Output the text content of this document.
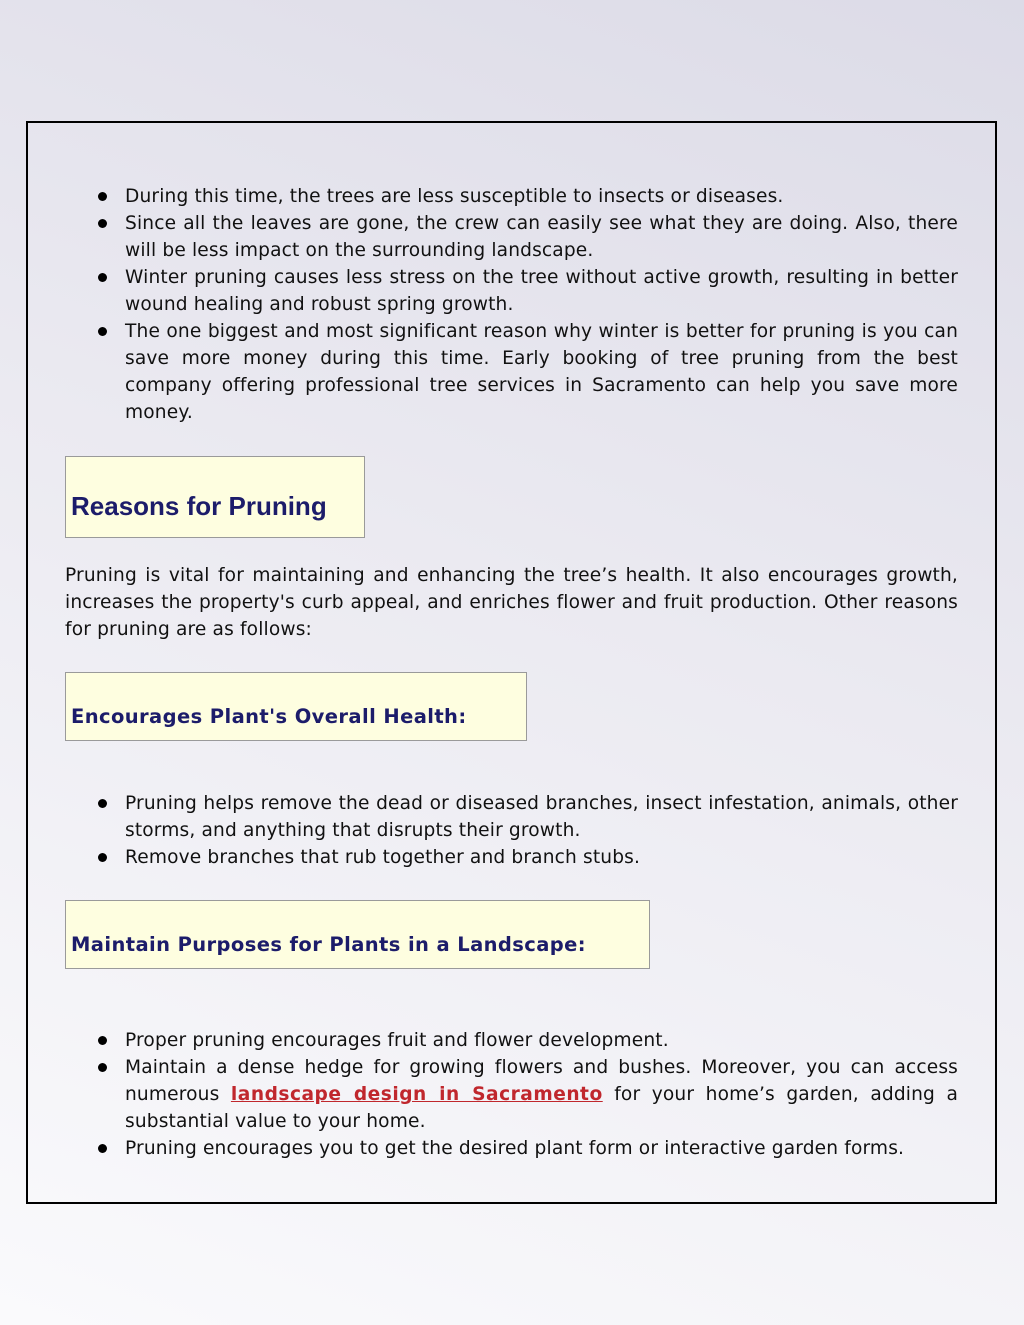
During this time, the trees are less susceptible to insects or diseases.
Since all the leaves are gone, the crew can easily see what they are doing. Also, there will be less impact on the surrounding landscape.
Winter pruning causes less stress on the tree without active growth, resulting in better wound healing and robust spring growth.
The one biggest and most significant reason why winter is better for pruning is you can save more money during this time. Early booking of tree pruning from the best company offering professional tree services in Sacramento can help you save more money.
Reasons for Pruning
Pruning is vital for maintaining and enhancing the tree’s health. It also encourages growth, increases the property's curb appeal, and enriches flower and fruit production. Other reasons for pruning are as follows:
Encourages Plant's Overall Health:
Pruning helps remove the dead or diseased branches, insect infestation, animals, other storms, and anything that disrupts their growth.
Remove branches that rub together and branch stubs.
Maintain Purposes for Plants in a Landscape:
Proper pruning encourages fruit and flower development.
Maintain a dense hedge for growing flowers and bushes. Moreover, you can access numerous landscape design in Sacramento for your home’s garden, adding a substantial value to your home.
Pruning encourages you to get the desired plant form or interactive garden forms.
